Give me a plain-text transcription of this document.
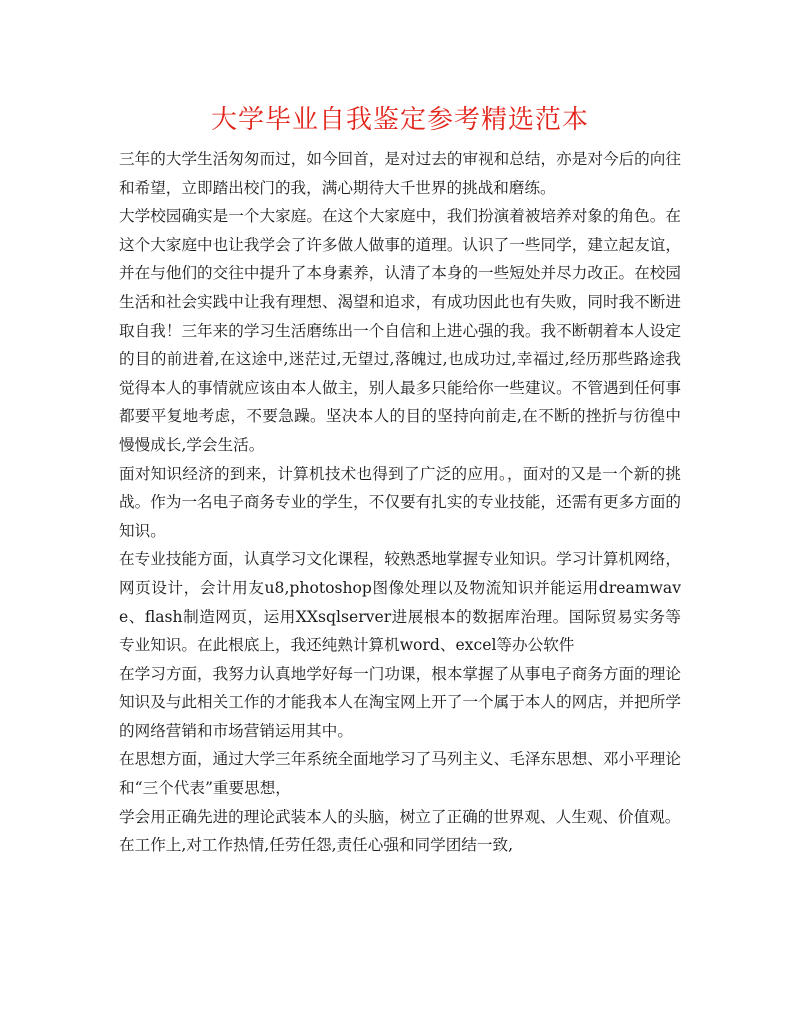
大学毕业自我鉴定参考精选范本

三年的大学生活匆匆而过，如今回首，是对过去的审视和总结，亦是对今后的向往和希望，立即踏出校门的我，满心期待大千世界的挑战和磨练。

大学校园确实是一个大家庭。在这个大家庭中，我们扮演着被培养对象的角色。在这个大家庭中也让我学会了许多做人做事的道理。认识了一些同学，建立起友谊，并在与他们的交往中提升了本身素养，认清了本身的一些短处并尽力改正。在校园生活和社会实践中让我有理想、渴望和追求，有成功因此也有失败，同时我不断进取自我！三年来的学习生活磨练出一个自信和上进心强的我。我不断朝着本人设定的目的前进着,在这途中,迷茫过,无望过,落魄过,也成功过,幸福过,经历那些路途我觉得本人的事情就应该由本人做主，别人最多只能给你一些建议。不管遇到任何事都要平复地考虑，不要急躁。坚决本人的目的坚持向前走,在不断的挫折与彷徨中慢慢成长,学会生活。

面对知识经济的到来，计算机技术也得到了广泛的应用。，面对的又是一个新的挑战。作为一名电子商务专业的学生，不仅要有扎实的专业技能，还需有更多方面的知识。

在专业技能方面，认真学习文化课程，较熟悉地掌握专业知识。学习计算机网络，网页设计，会计用友u8,photoshop图像处理以及物流知识并能运用dreamwave、flash制造网页，运用XXsqlserver进展根本的数据库治理。国际贸易实务等专业知识。在此根底上，我还纯熟计算机word、excel等办公软件

在学习方面，我努力认真地学好每一门功课，根本掌握了从事电子商务方面的理论知识及与此相关工作的才能我本人在淘宝网上开了一个属于本人的网店，并把所学的网络营销和市场营销运用其中。

在思想方面，通过大学三年系统全面地学习了马列主义、毛泽东思想、邓小平理论和“三个代表”重要思想，

学会用正确先进的理论武装本人的头脑，树立了正确的世界观、人生观、价值观。

在工作上,对工作热情,任劳任怨,责任心强和同学团结一致,
